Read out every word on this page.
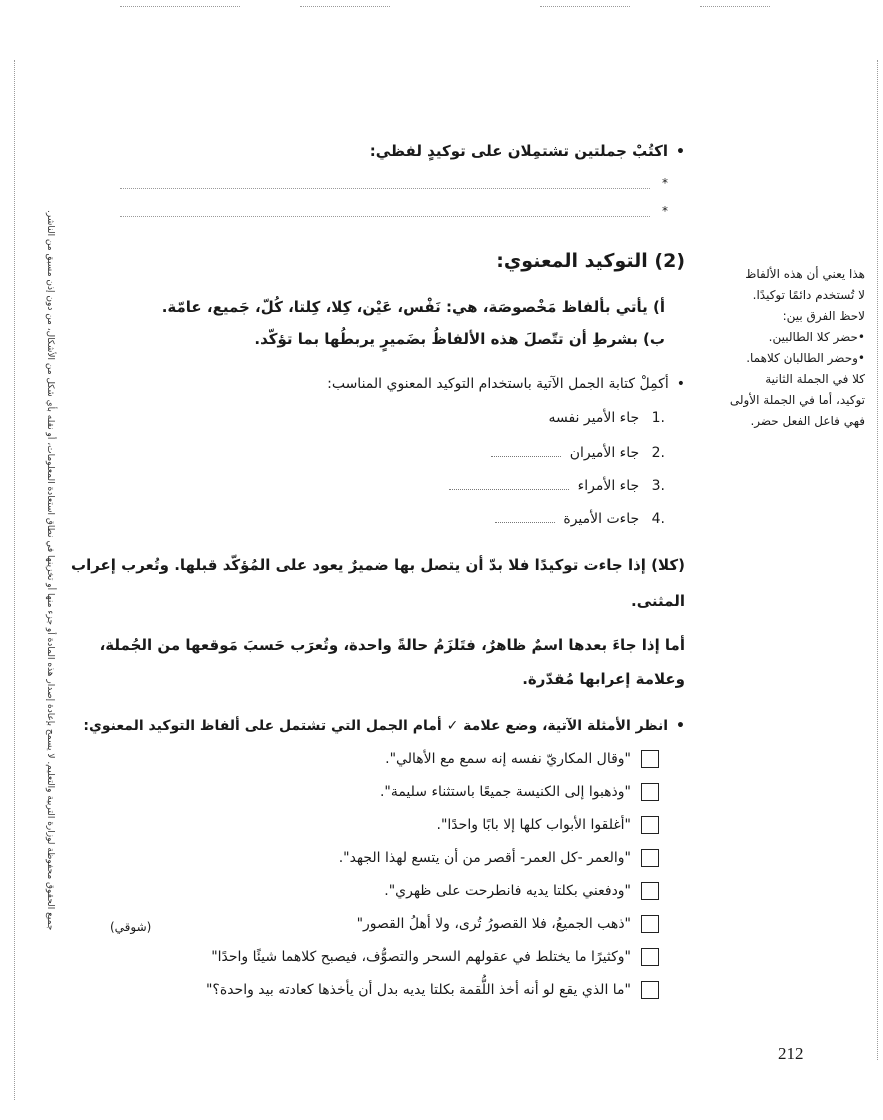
جميع الحقوق محفوظة لوزارة التربية والتعليم. لا يسمح بإعادة إصدار هذه المادة أو جزء منها أو تخزينها في نطاق استعادة المعلومات، أو نقله بأي شكل من الأشكال، من دون إذن مسبق من الناشر.
• اكتُبْ جملتين تشتمِلان على توكيدٍ لفظي:
*
*
(2) التوكيد المعنوي:
أ) يأتي بألفاظ مَخْصوصَة، هي: نَفْس، عَيْن، كِلا، كِلتا، كُلّ، جَميع، عامّة.
ب) بشرطِ أن تتّصلَ هذه الألفاظُ بضَميرٍ يربطُها بما تؤكّد.
هذا يعني أن هذه الألفاظ
لا تُستخدم دائمًا توكيدًا.
لاحظ الفرق بين:
•حضر كلا الطالبين.
•وحضر الطالبان كلاهما.
كلا في الجملة الثانية
توكيد، أما في الجملة الأولى
فهي فاعل الفعل حضر.
• أكمِلْ كتابة الجمل الآتية باستخدام التوكيد المعنوي المناسب:
.1 جاء الأمير نفسه
.2 جاء الأميران
.3 جاء الأمراء
.4 جاءت الأميرة
(كلا) إذا جاءت توكيدًا فلا بدّ أن يتصل بها ضميرٌ يعود على المُؤكّد قبلها. وتُعرب إعراب
المثنى.
أما إذا جاءَ بعدها اسمٌ ظاهرٌ، فتَلزَمُ حالةً واحدة، وتُعرَب حَسبَ مَوقعها من الجُملة،
وعلامة إعرابها مُقدّرة.
• انظر الأمثلة الآتية، وضع علامة ✓ أمام الجمل التي تشتمل على ألفاظ التوكيد المعنوي:
"وقال المكاريّ نفسه إنه سمع مع الأهالي".
"وذهبوا إلى الكنيسة جميعًا باستثناء سليمة".
"أغلقوا الأبواب كلها إلا بابًا واحدًا".
"والعمر -كل العمر- أقصر من أن يتسع لهذا الجهد".
"ودفعني بكلتا يديه فانطرحت على ظهري".
"ذهب الجميعُ، فلا القصورُ تُرى، ولا أهلُ القصور"
(شوقي)
"وكثيرًا ما يختلط في عقولهم السحر والتصوُّف، فيصبح كلاهما شيئًا واحدًا"
"ما الذي يقع لو أنه أخذ اللُّقمة بكلتا يديه بدل أن يأخذها كعادته بيد واحدة؟"
212
